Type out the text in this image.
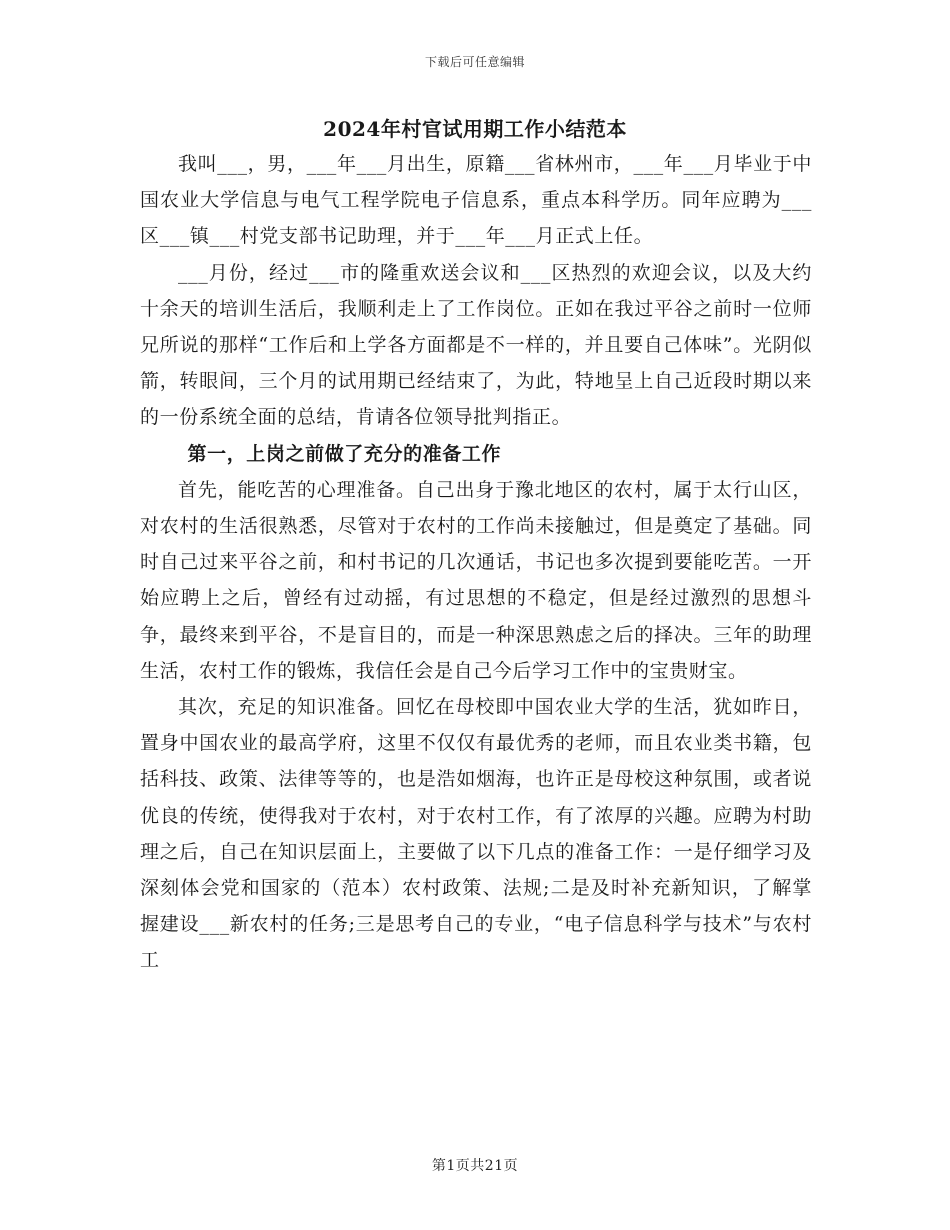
下载后可任意编辑
2024年村官试用期工作小结范本

我叫___，男，___年___月出生，原籍___省林州市，___年___月毕业于中国农业大学信息与电气工程学院电子信息系，重点本科学历。同年应聘为___区___镇___村党支部书记助理，并于___年___月正式上任。

___月份，经过___市的隆重欢送会议和___区热烈的欢迎会议，以及大约十余天的培训生活后，我顺利走上了工作岗位。正如在我过平谷之前时一位师兄所说的那样“工作后和上学各方面都是不一样的，并且要自己体味”。光阴似箭，转眼间，三个月的试用期已经结束了，为此，特地呈上自己近段时期以来的一份系统全面的总结，肯请各位领导批判指正。

第一，上岗之前做了充分的准备工作

首先，能吃苦的心理准备。自己出身于豫北地区的农村，属于太行山区，对农村的生活很熟悉，尽管对于农村的工作尚未接触过，但是奠定了基础。同时自己过来平谷之前，和村书记的几次通话，书记也多次提到要能吃苦。一开始应聘上之后，曾经有过动摇，有过思想的不稳定，但是经过激烈的思想斗争，最终来到平谷，不是盲目的，而是一种深思熟虑之后的择决。三年的助理生活，农村工作的锻炼，我信任会是自己今后学习工作中的宝贵财宝。

其次，充足的知识准备。回忆在母校即中国农业大学的生活，犹如昨日，置身中国农业的最高学府，这里不仅仅有最优秀的老师，而且农业类书籍，包括科技、政策、法律等等的，也是浩如烟海，也许正是母校这种氛围，或者说优良的传统，使得我对于农村，对于农村工作，有了浓厚的兴趣。应聘为村助理之后，自己在知识层面上，主要做了以下几点的准备工作：一是仔细学习及深刻体会党和国家的（范本）农村政策、法规;二是及时补充新知识，了解掌握建设___新农村的任务;三是思考自己的专业，“电子信息科学与技术”与农村工

第1页共21页
